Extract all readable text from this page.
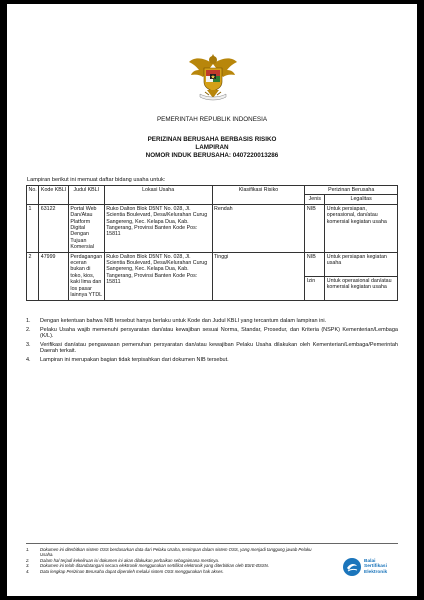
PEMERINTAH REPUBLIK INDONESIA
PERIZINAN BERUSAHA BERBASIS RISIKO
LAMPIRAN
NOMOR INDUK BERUSAHA: 0407220013286
Lampiran berikut ini memuat daftar bidang usaha untuk:
No.	Kode KBLI	Judul KBLI	Lokasi Usaha	Klasifikasi Risiko	Perizinan Berusaha	
					Jenis	Legalitas
1	63122	Portal Web Dan/Atau Platform Digital Dengan Tujuan Komersial	Ruko Dalton Blok D5NT No. 028, Jl. Scientia Boulevard, Desa/Kelurahan Curug Sangereng, Kec. Kelapa Dua, Kab. Tangerang, Provinsi Banten Kode Pos: 15811	Rendah	NIB	Untuk persiapan, operasional, dan/atau komersial kegiatan usaha
2	47999	Perdagangan eceran bukan di toko, kios, kaki lima dan los pasar lainnya YTDL	Ruko Dalton Blok D5NT No. 028, Jl. Scientia Boulevard, Desa/Kelurahan Curug Sangereng, Kec. Kelapa Dua, Kab. Tangerang, Provinsi Banten Kode Pos: 15811	Tinggi	NIB	Untuk persiapan kegiatan usaha
					Izin	Untuk operasional dan/atau komersial kegiatan usaha
1.	Dengan ketentuan bahwa NIB tersebut hanya berlaku untuk Kode dan Judul KBLI yang tercantum dalam lampiran ini.
2.	Pelaku Usaha wajib memenuhi persyaratan dan/atau kewajiban sesuai Norma, Standar, Prosedur, dan Kriteria (NSPK) Kementerian/Lembaga (K/L).
3.	Verifikasi dan/atau pengawasan pemenuhan persyaratan dan/atau kewajiban Pelaku Usaha dilakukan oleh Kementerian/Lembaga/Pemerintah Daerah terkait.
4.	Lampiran ini merupakan bagian tidak terpisahkan dari dokumen NIB tersebut.
1.	Dokumen ini diterbitkan sistem OSS berdasarkan data dari Pelaku Usaha, tersimpan dalam sistem OSS, yang menjadi tanggung jawab Pelaku Usaha.
2.	Dalam hal terjadi kekeliruan isi dokumen ini akan dilakukan perbaikan sebagaimana mestinya.
3.	Dokumen ini telah ditandatangani secara elektronik menggunakan sertifikat elektronik yang diterbitkan oleh BSrE-BSSN.
4.	Data lengkap Perizinan Berusaha dapat diperoleh melalui sistem OSS menggunakan hak akses.
Balai
Sertifikasi
Elektronik
